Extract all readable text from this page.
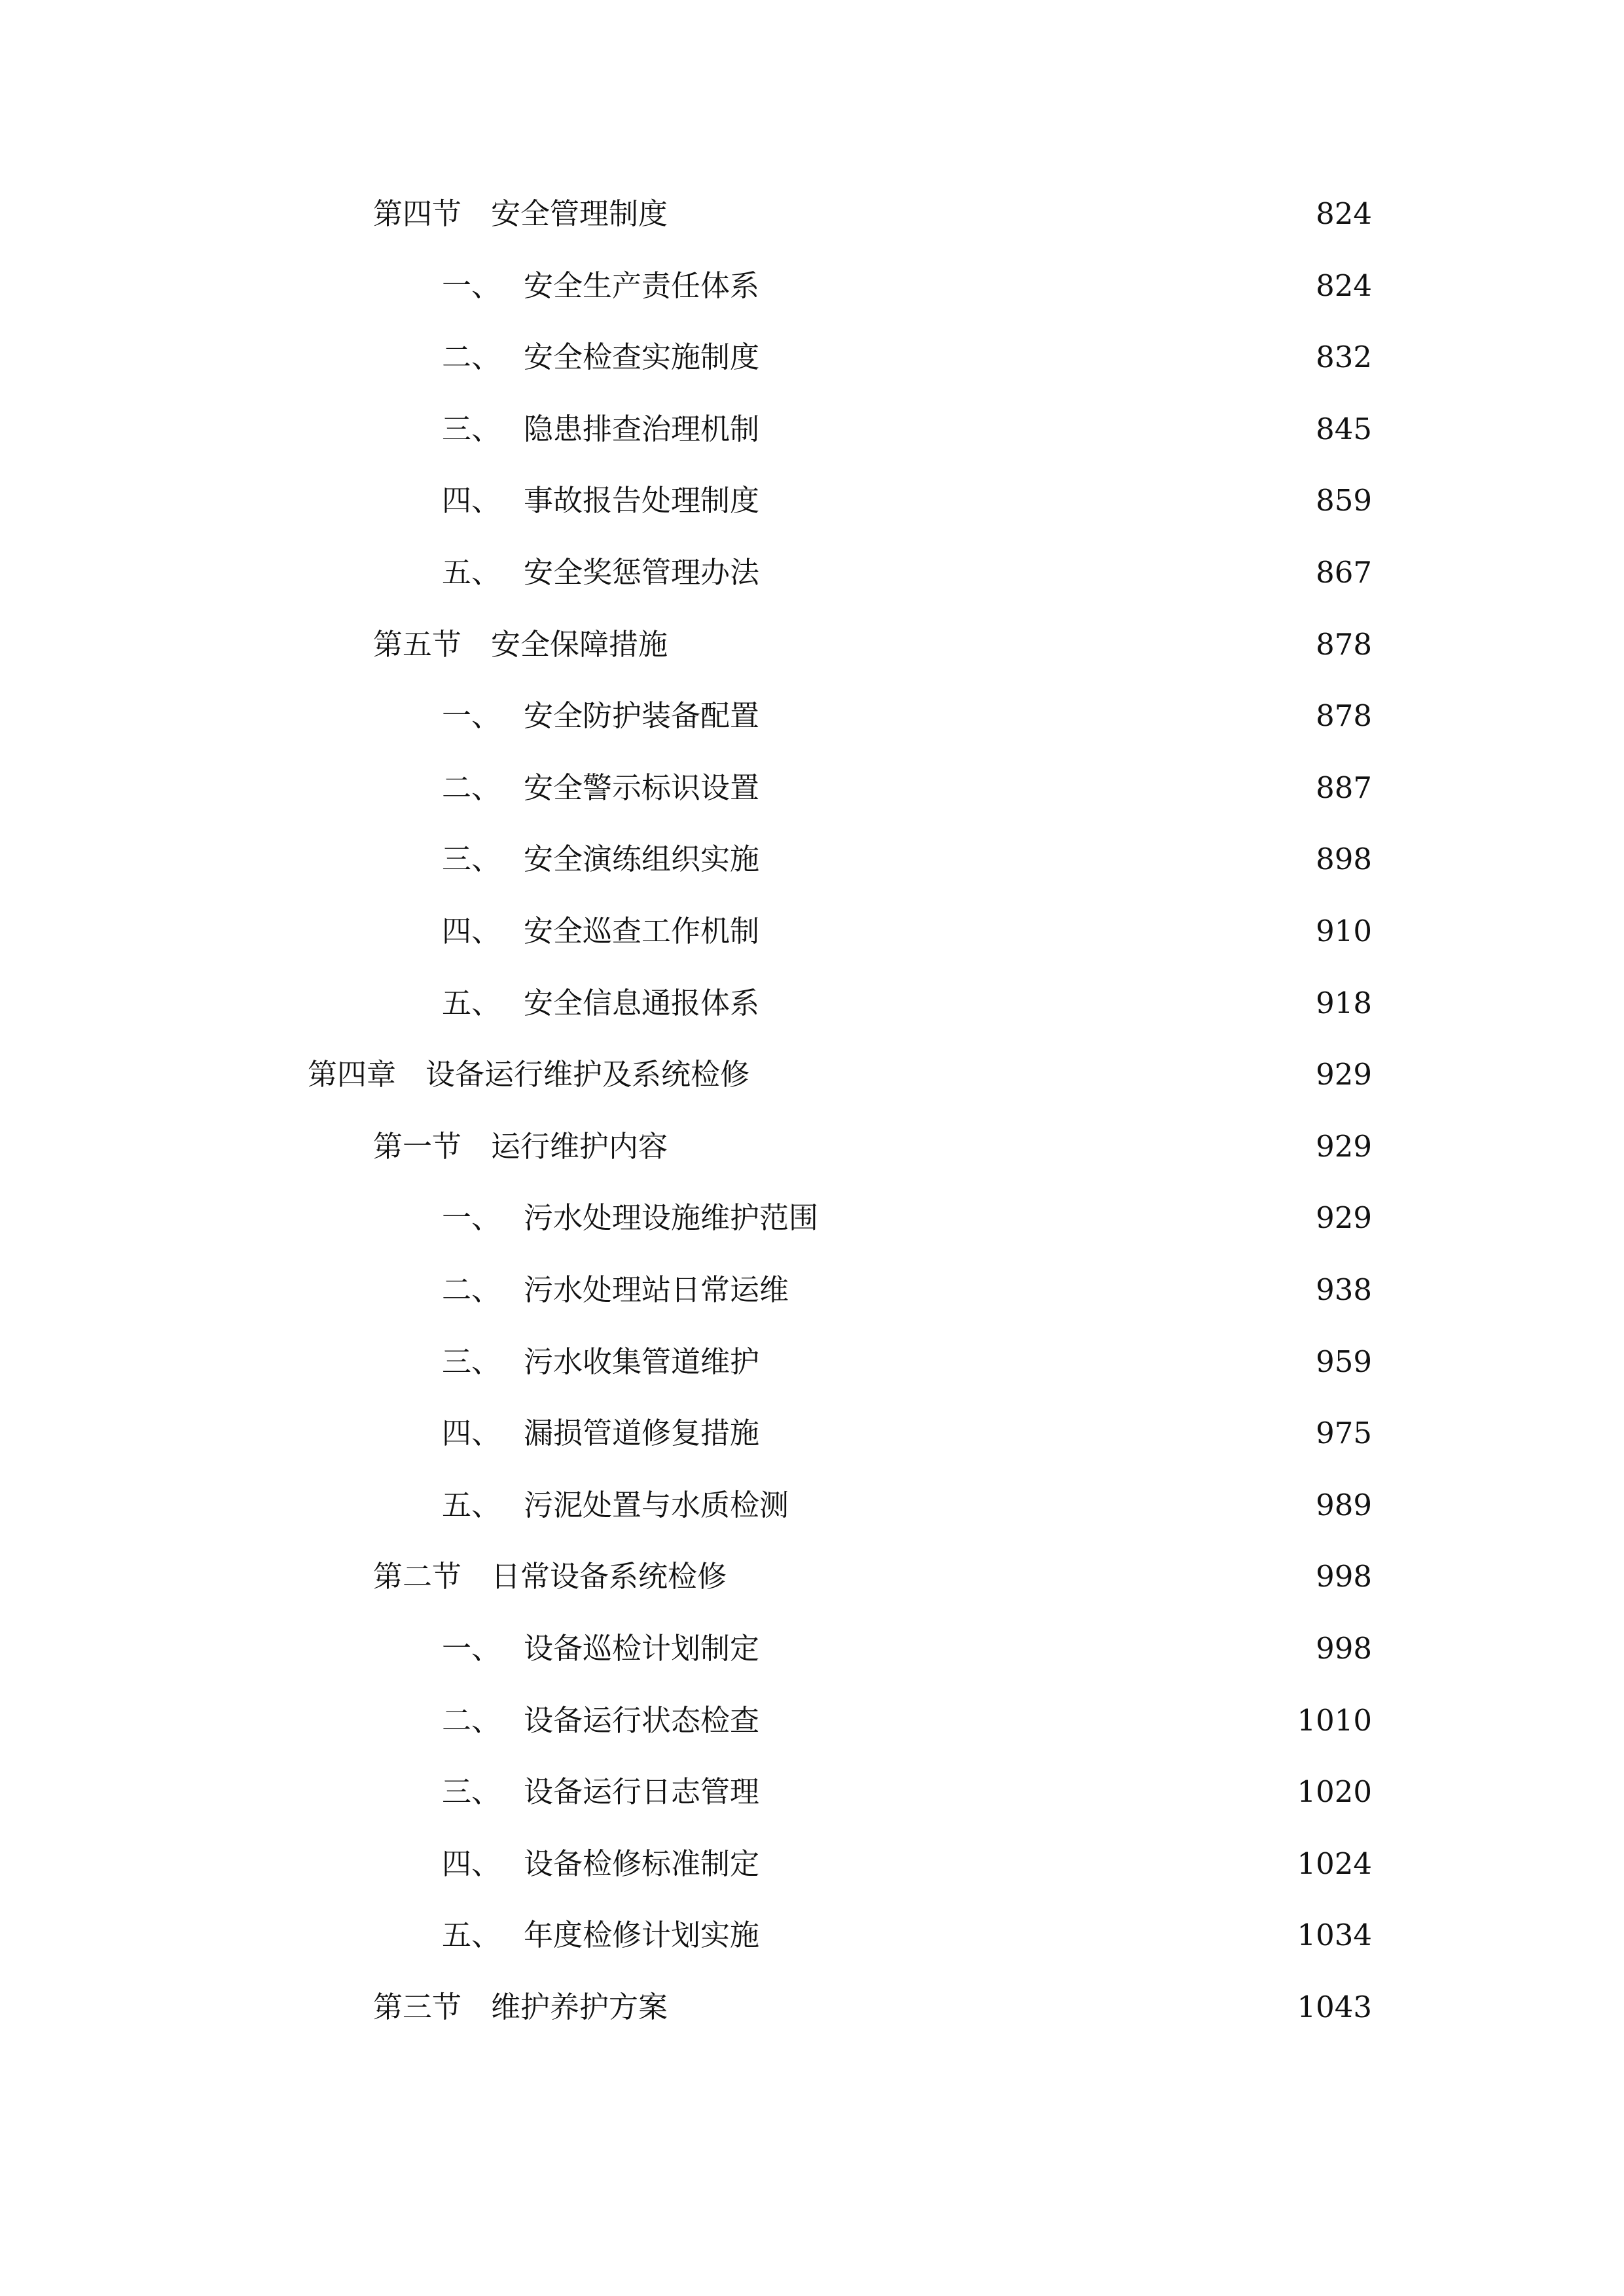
第四节 安全管理制度	824
一、 安全生产责任体系	824
二、 安全检查实施制度	832
三、 隐患排查治理机制	845
四、 事故报告处理制度	859
五、 安全奖惩管理办法	867
第五节 安全保障措施	878
一、 安全防护装备配置	878
二、 安全警示标识设置	887
三、 安全演练组织实施	898
四、 安全巡查工作机制	910
五、 安全信息通报体系	918
第四章 设备运行维护及系统检修	929
第一节 运行维护内容	929
一、 污水处理设施维护范围	929
二、 污水处理站日常运维	938
三、 污水收集管道维护	959
四、 漏损管道修复措施	975
五、 污泥处置与水质检测	989
第二节 日常设备系统检修	998
一、 设备巡检计划制定	998
二、 设备运行状态检查	1010
三、 设备运行日志管理	1020
四、 设备检修标准制定	1024
五、 年度检修计划实施	1034
第三节 维护养护方案	1043
